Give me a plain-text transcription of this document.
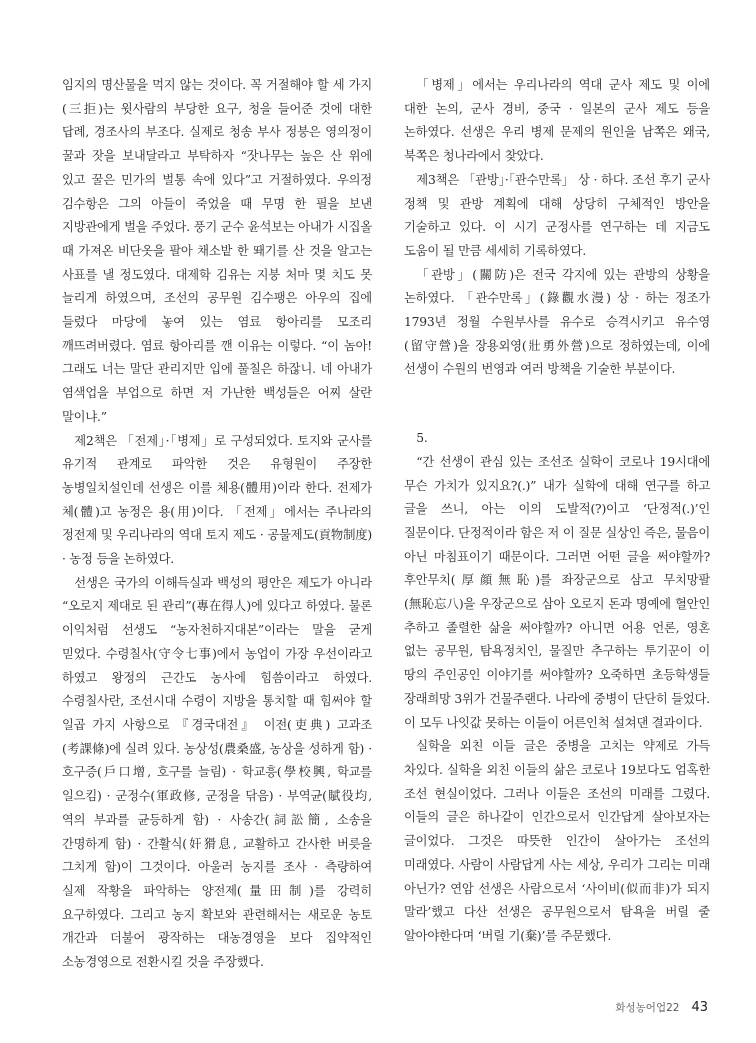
임지의 명산물을 먹지 않는 것이다. 꼭 거절해야 할 세 가지(三拒)는 윗사람의 부당한 요구, 청을 들어준 것에 대한 답례, 경조사의 부조다. 실제로 청송 부사 정붕은 영의정이 꿀과 잣을 보내달라고 부탁하자 “잣나무는 높은 산 위에 있고 꿀은 민가의 벌통 속에 있다”고 거절하였다. 우의정 김수항은 그의 아들이 죽었을 때 무명 한 필을 보낸 지방관에게 벌을 주었다. 풍기 군수 윤석보는 아내가 시집올 때 가져온 비단옷을 팔아 채소밭 한 뙈기를 산 것을 알고는 사표를 낼 정도였다. 대제학 김유는 지붕 처마 몇 치도 못 늘리게 하였으며, 조선의 공무원 김수팽은 아우의 집에 들렀다 마당에 놓여 있는 염료 항아리를 모조리 깨뜨려버렸다. 염료 항아리를 깬 이유는 이렇다. “이 놈아! 그래도 너는 말단 관리지만 입에 풀칠은 하잖니. 네 아내가 염색업을 부업으로 하면 저 가난한 백성들은 어찌 살란 말이냐.”

제2책은 「전제」·「병제」로 구성되었다. 토지와 군사를 유기적 관계로 파악한 것은 유형원이 주장한 농병일치설인데 선생은 이를 체용(體用)이라 한다. 전제가 체(體)고 농정은 용(用)이다. 「전제」에서는 주나라의 정전제 및 우리나라의 역대 토지 제도 · 공물제도(貢物制度) · 농정 등을 논하였다.

선생은 국가의 이해득실과 백성의 평안은 제도가 아니라 “오로지 제대로 된 관리”(專在得人)에 있다고 하였다. 물론 이익처럼 선생도 “농자천하지대본”이라는 말을 굳게 믿었다. 수령칠사(守令七事)에서 농업이 가장 우선이라고 하였고 왕정의 근간도 농사에 힘씀이라고 하였다. 수령칠사란, 조선시대 수령이 지방을 통치할 때 힘써야 할 일곱 가지 사항으로 『경국대전』 이전(吏典) 고과조(考課條)에 실려 있다. 농상성(農桑盛, 농상을 성하게 함) · 호구증(戶口增, 호구를 늘림) · 학교흥(學校興, 학교를 일으킴) · 군정수(軍政修, 군정을 닦음) · 부역균(賦役均, 역의 부과를 균등하게 함) · 사송간(詞訟簡, 소송을 간명하게 함) · 간활식(奸猾息, 교활하고 간사한 버릇을 그치게 함)이 그것이다. 아울러 농지를 조사 · 측량하여 실제 작황을 파악하는 양전제(量田制)를 강력히 요구하였다. 그리고 농지 확보와 관련해서는 새로운 농토 개간과 더불어 광작하는 대농경영을 보다 집약적인 소농경영으로 전환시킬 것을 주장했다.

「병제」에서는 우리나라의 역대 군사 제도 및 이에 대한 논의, 군사 경비, 중국 · 일본의 군사 제도 등을 논하였다. 선생은 우리 병제 문제의 원인을 남쪽은 왜국, 북쪽은 청나라에서 찾았다.

제3책은 「관방」·「관수만록」 상 · 하다. 조선 후기 군사 정책 및 관방 계획에 대해 상당히 구체적인 방안을 기술하고 있다. 이 시기 군정사를 연구하는 데 지금도 도움이 될 만큼 세세히 기록하였다.

「관방」(關防)은 전국 각지에 있는 관방의 상황을 논하였다. 「관수만록」(錄觀水漫) 상 · 하는 정조가 1793년 정월 수원부사를 유수로 승격시키고 유수영(留守營)을 장용외영(壯勇外營)으로 정하였는데, 이에 선생이 수원의 번영과 여러 방책을 기술한 부분이다.

5.

“간 선생이 관심 있는 조선조 실학이 코로나 19시대에 무슨 가치가 있지요?(.)” 내가 실학에 대해 연구를 하고 글을 쓰니, 아는 이의 도발적(?)이고 ‘단정적(.)’인 질문이다. 단정적이라 함은 저 이 질문 실상인 즉은, 물음이 아닌 마침표이기 때문이다. 그러면 어떤 글을 써야할까? 후안무치(厚顔無恥)를 좌장군으로 삼고 무치망팔(無恥忘八)을 우장군으로 삼아 오로지 돈과 명예에 혈안인 추하고 졸렬한 삶을 써야할까? 아니면 어용 언론, 영혼 없는 공무원, 탐욕정치인, 물질만 추구하는 투기꾼이 이 땅의 주인공인 이야기를 써야할까? 오죽하면 초등학생들 장래희망 3위가 건물주랜다. 나라에 중병이 단단히 들었다. 이 모두 나잇값 못하는 이들이 어른인척 설쳐댄 결과이다.

실학을 외친 이들 글은 중병을 고치는 약제로 가득 차있다. 실학을 외친 이들의 삶은 코로나 19보다도 엄혹한 조선 현실이었다. 그러나 이들은 조선의 미래를 그렸다. 이들의 글은 하나같이 인간으로서 인간답게 살아보자는 글이었다. 그것은 따뜻한 인간이 살아가는 조선의 미래였다. 사람이 사람답게 사는 세상, 우리가 그리는 미래 아닌가? 연암 선생은 사람으로서 ‘사이비(似而非)가 되지 말라’했고 다산 선생은 공무원으로서 탐욕을 버릴 줄 알아야한다며 ‘버릴 기(棄)’를 주문했다.

화성농어업22 43
